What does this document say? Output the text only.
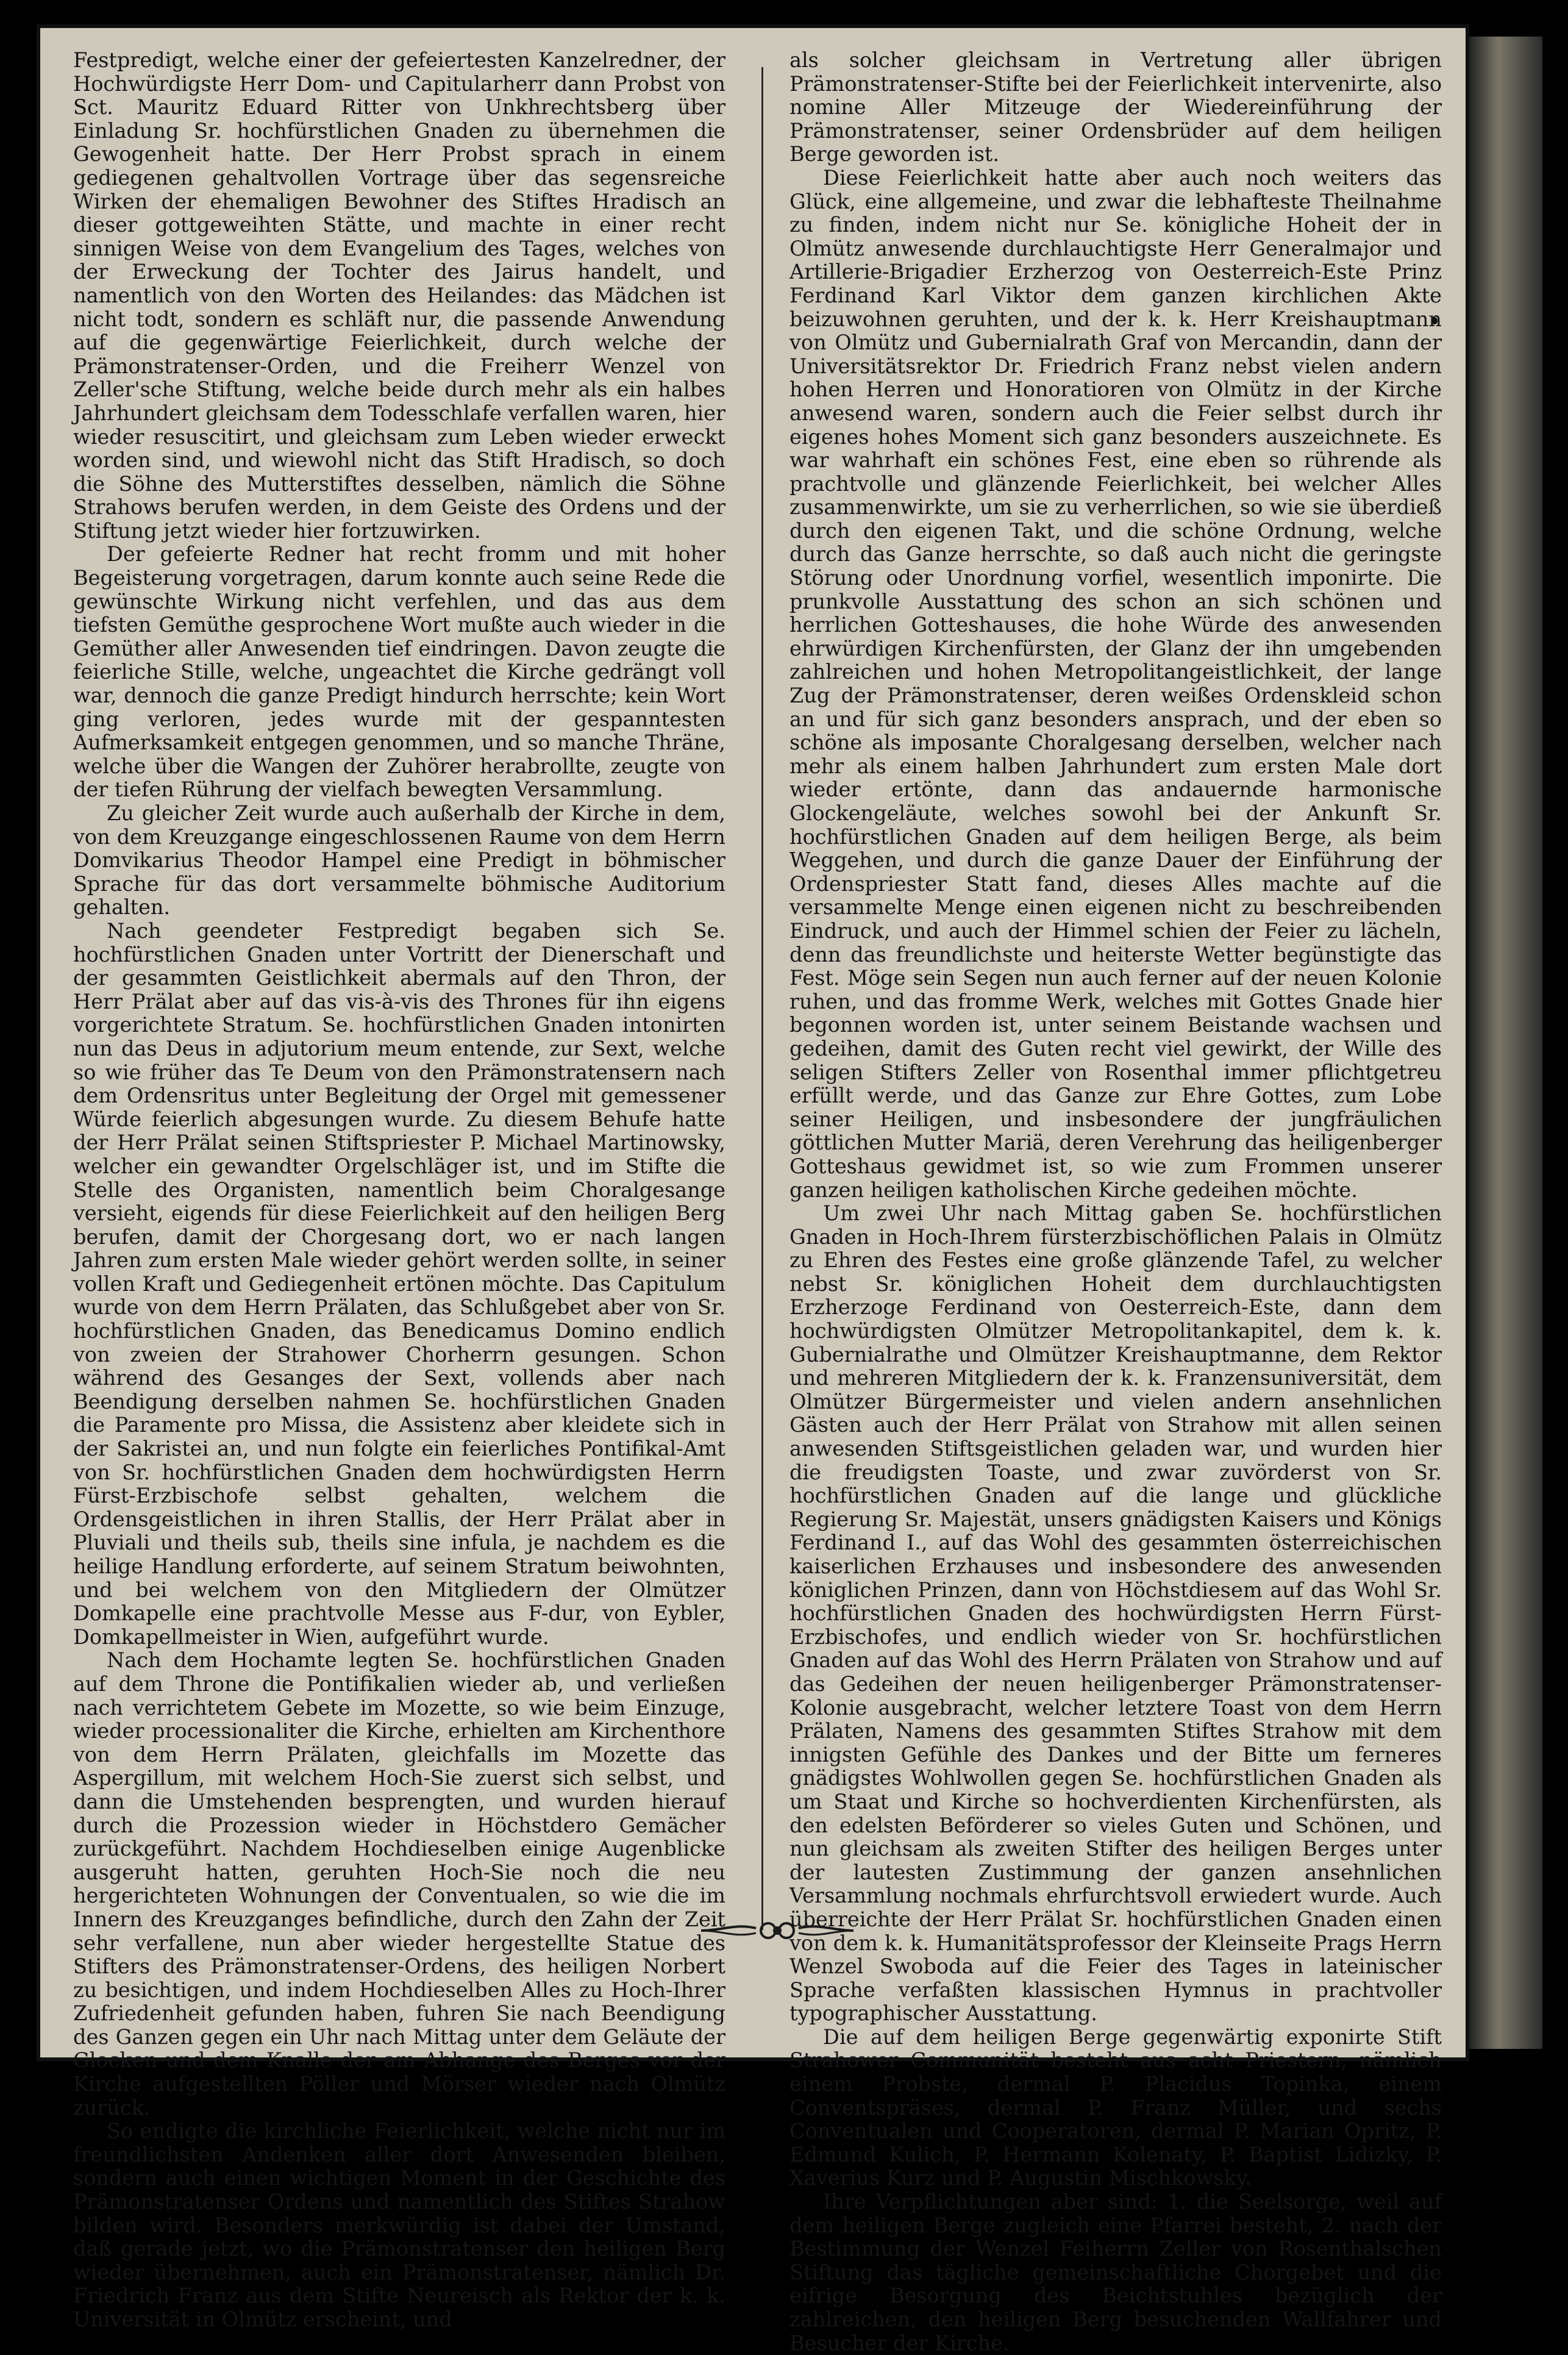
Festpredigt, welche einer der gefeiertesten Kanzelredner, der Hochwürdigste Herr Dom- und Capitularherr dann Probst von Sct. Mauritz Eduard Ritter von Unkhrechtsberg über Einladung Sr. hochfürstlichen Gnaden zu übernehmen die Gewogenheit hatte. Der Herr Probst sprach in einem gediegenen gehaltvollen Vortrage über das segensreiche Wirken der ehemaligen Bewohner des Stiftes Hradisch an dieser gottgeweihten Stätte, und machte in einer recht sinnigen Weise von dem Evangelium des Tages, welches von der Erweckung der Tochter des Jairus handelt, und namentlich von den Worten des Heilandes: das Mädchen ist nicht todt, sondern es schläft nur, die passende Anwendung auf die gegenwärtige Feierlichkeit, durch welche der Prämonstratenser-Orden, und die Freiherr Wenzel von Zeller'sche Stiftung, welche beide durch mehr als ein halbes Jahrhundert gleichsam dem Todesschlafe verfallen waren, hier wieder resuscitirt, und gleichsam zum Leben wieder erweckt worden sind, und wiewohl nicht das Stift Hradisch, so doch die Söhne des Mutterstiftes desselben, nämlich die Söhne Strahows berufen werden, in dem Geiste des Ordens und der Stiftung jetzt wieder hier fortzuwirken.

Der gefeierte Redner hat recht fromm und mit hoher Begeisterung vorgetragen, darum konnte auch seine Rede die gewünschte Wirkung nicht verfehlen, und das aus dem tiefsten Gemüthe gesprochene Wort mußte auch wieder in die Gemüther aller Anwesenden tief eindringen. Davon zeugte die feierliche Stille, welche, ungeachtet die Kirche gedrängt voll war, dennoch die ganze Predigt hindurch herrschte; kein Wort ging verloren, jedes wurde mit der gespanntesten Aufmerksamkeit entgegen genommen, und so manche Thräne, welche über die Wangen der Zuhörer herabrollte, zeugte von der tiefen Rührung der vielfach bewegten Versammlung.

Zu gleicher Zeit wurde auch außerhalb der Kirche in dem, von dem Kreuzgange eingeschlossenen Raume von dem Herrn Domvikarius Theodor Hampel eine Predigt in böhmischer Sprache für das dort versammelte böhmische Auditorium gehalten.

Nach geendeter Festpredigt begaben sich Se. hochfürstlichen Gnaden unter Vortritt der Dienerschaft und der gesammten Geistlichkeit abermals auf den Thron, der Herr Prälat aber auf das vis-à-vis des Thrones für ihn eigens vorgerichtete Stratum. Se. hochfürstlichen Gnaden intonirten nun das Deus in adjutorium meum entende, zur Sext, welche so wie früher das Te Deum von den Prämonstratensern nach dem Ordensritus unter Begleitung der Orgel mit gemessener Würde feierlich abgesungen wurde. Zu diesem Behufe hatte der Herr Prälat seinen Stiftspriester P. Michael Martinowsky, welcher ein gewandter Orgelschläger ist, und im Stifte die Stelle des Organisten, namentlich beim Choralgesange versieht, eigends für diese Feierlichkeit auf den heiligen Berg berufen, damit der Chorgesang dort, wo er nach langen Jahren zum ersten Male wieder gehört werden sollte, in seiner vollen Kraft und Gediegenheit ertönen möchte. Das Capitulum wurde von dem Herrn Prälaten, das Schlußgebet aber von Sr. hochfürstlichen Gnaden, das Benedicamus Domino endlich von zweien der Strahower Chorherrn gesungen. Schon während des Gesanges der Sext, vollends aber nach Beendigung derselben nahmen Se. hochfürstlichen Gnaden die Paramente pro Missa, die Assistenz aber kleidete sich in der Sakristei an, und nun folgte ein feierliches Pontifikal-Amt von Sr. hochfürstlichen Gnaden dem hochwürdigsten Herrn Fürst-Erzbischofe selbst gehalten, welchem die Ordensgeistlichen in ihren Stallis, der Herr Prälat aber in Pluviali und theils sub, theils sine infula, je nachdem es die heilige Handlung erforderte, auf seinem Stratum beiwohnten, und bei welchem von den Mitgliedern der Olmützer Domkapelle eine prachtvolle Messe aus F-dur, von Eybler, Domkapellmeister in Wien, aufgeführt wurde.

Nach dem Hochamte legten Se. hochfürstlichen Gnaden auf dem Throne die Pontifikalien wieder ab, und verließen nach verrichtetem Gebete im Mozette, so wie beim Einzuge, wieder processionaliter die Kirche, erhielten am Kirchenthore von dem Herrn Prälaten, gleichfalls im Mozette das Aspergillum, mit welchem Hoch-Sie zuerst sich selbst, und dann die Umstehenden besprengten, und wurden hierauf durch die Prozession wieder in Höchstdero Gemächer zurückgeführt. Nachdem Hochdieselben einige Augenblicke ausgeruht hatten, geruhten Hoch-Sie noch die neu hergerichteten Wohnungen der Conventualen, so wie die im Innern des Kreuzganges befindliche, durch den Zahn der Zeit sehr verfallene, nun aber wieder hergestellte Statue des Stifters des Prämonstratenser-Ordens, des heiligen Norbert zu besichtigen, und indem Hochdieselben Alles zu Hoch-Ihrer Zufriedenheit gefunden haben, fuhren Sie nach Beendigung des Ganzen gegen ein Uhr nach Mittag unter dem Geläute der Glocken und dem Knalle der am Abhange des Berges vor der Kirche aufgestellten Pöller und Mörser wieder nach Olmütz zurück.

So endigte die kirchliche Feierlichkeit, welche nicht nur im freundlichsten Andenken aller dort Anwesenden bleiben, sondern auch einen wichtigen Moment in der Geschichte des Prämonstratenser Ordens und namentlich des Stiftes Strahow bilden wird. Besonders merkwürdig ist dabei der Umstand, daß gerade jetzt, wo die Prämonstratenser den heiligen Berg wieder übernehmen, auch ein Prämonstratenser, nämlich Dr. Friedrich Franz aus dem Stifte Neureisch als Rektor der k. k. Universität in Olmütz erscheint, und

als solcher gleichsam in Vertretung aller übrigen Prämonstratenser-Stifte bei der Feierlichkeit intervenirte, also nomine Aller Mitzeuge der Wiedereinführung der Prämonstratenser, seiner Ordensbrüder auf dem heiligen Berge geworden ist.

Diese Feierlichkeit hatte aber auch noch weiters das Glück, eine allgemeine, und zwar die lebhafteste Theilnahme zu finden, indem nicht nur Se. königliche Hoheit der in Olmütz anwesende durchlauchtigste Herr Generalmajor und Artillerie-Brigadier Erzherzog von Oesterreich-Este Prinz Ferdinand Karl Viktor dem ganzen kirchlichen Akte beizuwohnen geruhten, und der k. k. Herr Kreishauptmann von Olmütz und Gubernialrath Graf von Mercandin, dann der Universitätsrektor Dr. Friedrich Franz nebst vielen andern hohen Herren und Honoratioren von Olmütz in der Kirche anwesend waren, sondern auch die Feier selbst durch ihr eigenes hohes Moment sich ganz besonders auszeichnete. Es war wahrhaft ein schönes Fest, eine eben so rührende als prachtvolle und glänzende Feierlichkeit, bei welcher Alles zusammenwirkte, um sie zu verherrlichen, so wie sie überdieß durch den eigenen Takt, und die schöne Ordnung, welche durch das Ganze herrschte, so daß auch nicht die geringste Störung oder Unordnung vorfiel, wesentlich imponirte. Die prunkvolle Ausstattung des schon an sich schönen und herrlichen Gotteshauses, die hohe Würde des anwesenden ehrwürdigen Kirchenfürsten, der Glanz der ihn umgebenden zahlreichen und hohen Metropolitangeistlichkeit, der lange Zug der Prämonstratenser, deren weißes Ordenskleid schon an und für sich ganz besonders ansprach, und der eben so schöne als imposante Choralgesang derselben, welcher nach mehr als einem halben Jahrhundert zum ersten Male dort wieder ertönte, dann das andauernde harmonische Glockengeläute, welches sowohl bei der Ankunft Sr. hochfürstlichen Gnaden auf dem heiligen Berge, als beim Weggehen, und durch die ganze Dauer der Einführung der Ordenspriester Statt fand, dieses Alles machte auf die versammelte Menge einen eigenen nicht zu beschreibenden Eindruck, und auch der Himmel schien der Feier zu lächeln, denn das freundlichste und heiterste Wetter begünstigte das Fest. Möge sein Segen nun auch ferner auf der neuen Kolonie ruhen, und das fromme Werk, welches mit Gottes Gnade hier begonnen worden ist, unter seinem Beistande wachsen und gedeihen, damit des Guten recht viel gewirkt, der Wille des seligen Stifters Zeller von Rosenthal immer pflichtgetreu erfüllt werde, und das Ganze zur Ehre Gottes, zum Lobe seiner Heiligen, und insbesondere der jungfräulichen göttlichen Mutter Mariä, deren Verehrung das heiligenberger Gotteshaus gewidmet ist, so wie zum Frommen unserer ganzen heiligen katholischen Kirche gedeihen möchte.

Um zwei Uhr nach Mittag gaben Se. hochfürstlichen Gnaden in Hoch-Ihrem fürsterzbischöflichen Palais in Olmütz zu Ehren des Festes eine große glänzende Tafel, zu welcher nebst Sr. königlichen Hoheit dem durchlauchtigsten Erzherzoge Ferdinand von Oesterreich-Este, dann dem hochwürdigsten Olmützer Metropolitankapitel, dem k. k. Gubernialrathe und Olmützer Kreishauptmanne, dem Rektor und mehreren Mitgliedern der k. k. Franzensuniversität, dem Olmützer Bürgermeister und vielen andern ansehnlichen Gästen auch der Herr Prälat von Strahow mit allen seinen anwesenden Stiftsgeistlichen geladen war, und wurden hier die freudigsten Toaste, und zwar zuvörderst von Sr. hochfürstlichen Gnaden auf die lange und glückliche Regierung Sr. Majestät, unsers gnädigsten Kaisers und Königs Ferdinand I., auf das Wohl des gesammten österreichischen kaiserlichen Erzhauses und insbesondere des anwesenden königlichen Prinzen, dann von Höchstdiesem auf das Wohl Sr. hochfürstlichen Gnaden des hochwürdigsten Herrn Fürst-Erzbischofes, und endlich wieder von Sr. hochfürstlichen Gnaden auf das Wohl des Herrn Prälaten von Strahow und auf das Gedeihen der neuen heiligenberger Prämonstratenser-Kolonie ausgebracht, welcher letztere Toast von dem Herrn Prälaten, Namens des gesammten Stiftes Strahow mit dem innigsten Gefühle des Dankes und der Bitte um ferneres gnädigstes Wohlwollen gegen Se. hochfürstlichen Gnaden als um Staat und Kirche so hochverdienten Kirchenfürsten, als den edelsten Beförderer so vieles Guten und Schönen, und nun gleichsam als zweiten Stifter des heiligen Berges unter der lautesten Zustimmung der ganzen ansehnlichen Versammlung nochmals ehrfurchtsvoll erwiedert wurde. Auch überreichte der Herr Prälat Sr. hochfürstlichen Gnaden einen von dem k. k. Humanitätsprofessor der Kleinseite Prags Herrn Wenzel Swoboda auf die Feier des Tages in lateinischer Sprache verfaßten klassischen Hymnus in prachtvoller typographischer Ausstattung.

Die auf dem heiligen Berge gegenwärtig exponirte Stift Strahower Communität besteht aus acht Priestern, nämlich einem Probste, dermal P. Placidus Topinka, einem Conventspräses, dermal P. Franz Müller, und sechs Conventualen und Cooperatoren, dermal P. Marian Opritz, P. Edmund Kulich, P. Hermann Kolenaty, P. Baptist Lidizky, P. Xaverius Kurz und P. Augustin Mischkowsky.

Ihre Verpflichtungen aber sind: 1. die Seelsorge, weil auf dem heiligen Berge zugleich eine Pfarrei besteht, 2. nach der Bestimmung der Wenzel Feiherrn Zeller von Rosenthalschen Stiftung das tägliche gemeinschaftliche Chorgebet und die eifrige Besorgung des Beichtstuhles bezüglich der zahlreichen, den heiligen Berg besuchenden Wallfahrer und Besucher der Kirche.
